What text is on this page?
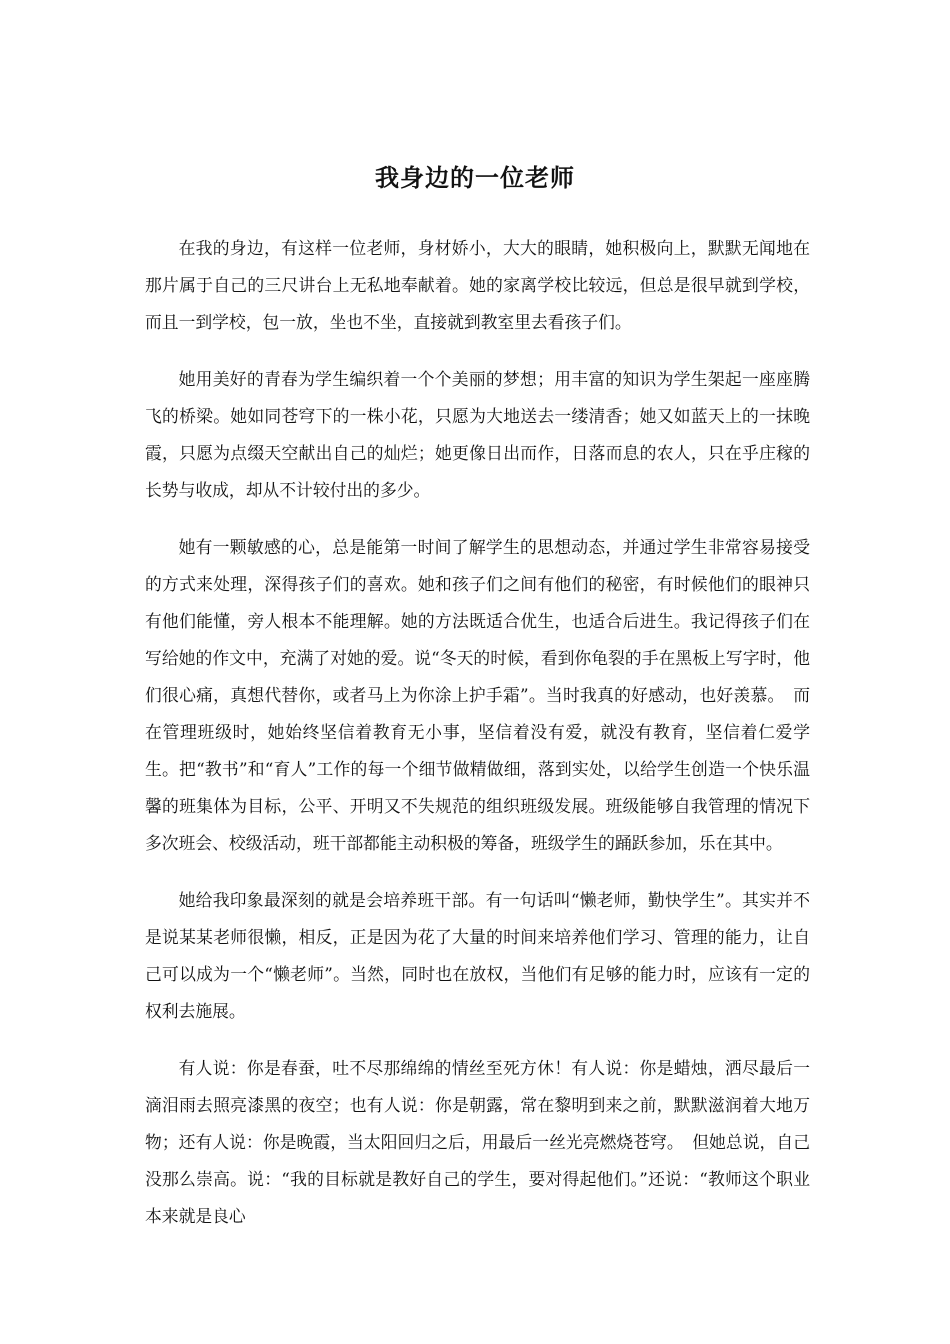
我身边的一位老师

在我的身边，有这样一位老师，身材娇小，大大的眼睛，她积极向上，默默无闻地在那片属于自己的三尺讲台上无私地奉献着。她的家离学校比较远，但总是很早就到学校，而且一到学校，包一放，坐也不坐，直接就到教室里去看孩子们。

她用美好的青春为学生编织着一个个美丽的梦想；用丰富的知识为学生架起一座座腾飞的桥梁。她如同苍穹下的一株小花，只愿为大地送去一缕清香；她又如蓝天上的一抹晚霞，只愿为点缀天空献出自己的灿烂；她更像日出而作，日落而息的农人，只在乎庄稼的长势与收成，却从不计较付出的多少。

她有一颗敏感的心，总是能第一时间了解学生的思想动态，并通过学生非常容易接受的方式来处理，深得孩子们的喜欢。她和孩子们之间有他们的秘密，有时候他们的眼神只有他们能懂，旁人根本不能理解。她的方法既适合优生，也适合后进生。我记得孩子们在写给她的作文中，充满了对她的爱。说“冬天的时候，看到你龟裂的手在黑板上写字时，他们很心痛，真想代替你，或者马上为你涂上护手霜”。当时我真的好感动，也好羡慕。　而在管理班级时，她始终坚信着教育无小事，坚信着没有爱，就没有教育，坚信着仁爱学生。把“教书”和“育人”工作的每一个细节做精做细，落到实处，以给学生创造一个快乐温馨的班集体为目标，公平、开明又不失规范的组织班级发展。班级能够自我管理的情况下多次班会、校级活动，班干部都能主动积极的筹备，班级学生的踊跃参加，乐在其中。

她给我印象最深刻的就是会培养班干部。有一句话叫“懒老师，勤快学生”。其实并不是说某某老师很懒，相反，正是因为花了大量的时间来培养他们学习、管理的能力，让自己可以成为一个“懒老师”。当然，同时也在放权，当他们有足够的能力时，应该有一定的权利去施展。

有人说：你是春蚕，吐不尽那绵绵的情丝至死方休！有人说：你是蜡烛，洒尽最后一滴泪雨去照亮漆黑的夜空；也有人说：你是朝露，常在黎明到来之前，默默滋润着大地万物；还有人说：你是晚霞，当太阳回归之后，用最后一丝光亮燃烧苍穹。　但她总说，自己没那么崇高。说：“我的目标就是教好自己的学生，要对得起他们。”还说：“教师这个职业本来就是良心
